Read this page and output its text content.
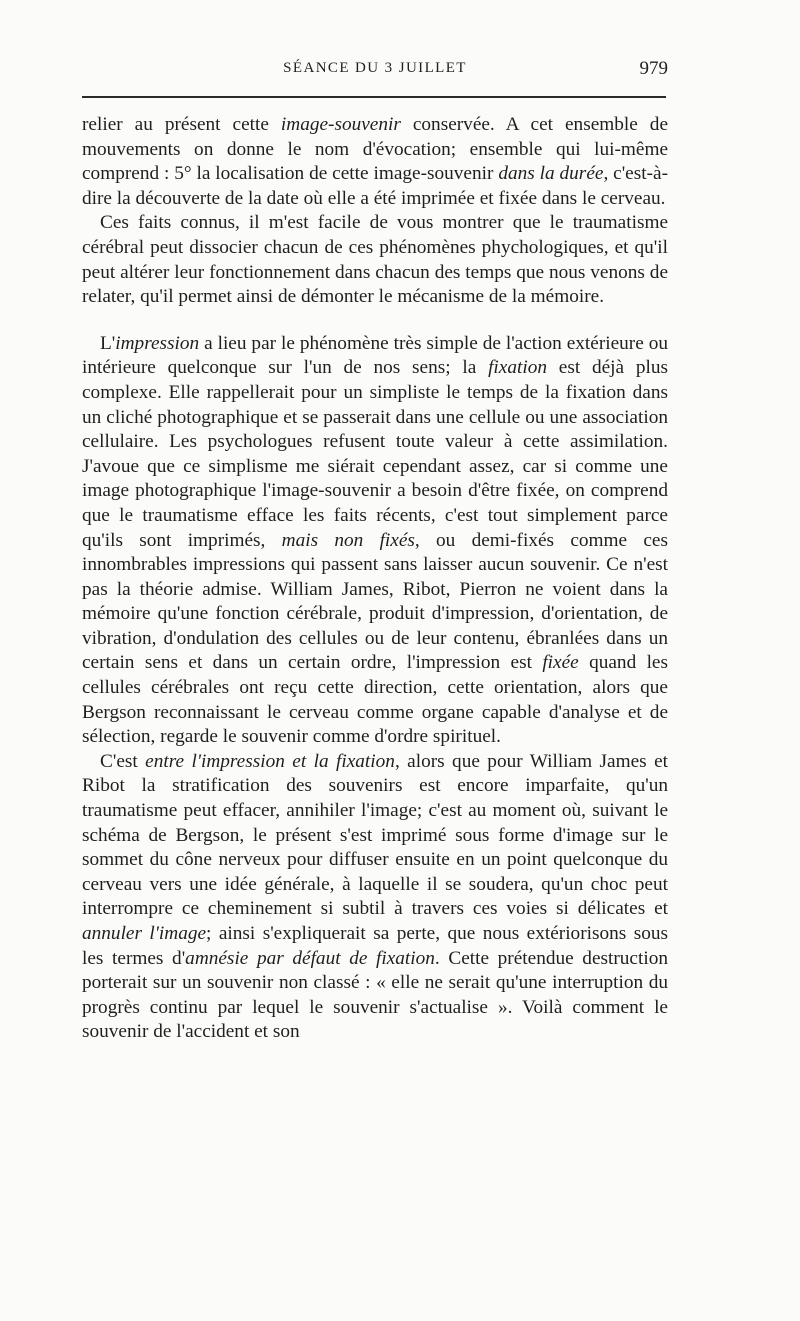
SÉANCE DU 3 JUILLET	979

relier au présent cette image-souvenir conservée. A cet ensemble de mouvements on donne le nom d'évocation; ensemble qui lui-même comprend : 5° la localisation de cette image-souvenir dans la durée, c'est-à-dire la découverte de la date où elle a été imprimée et fixée dans le cerveau.

Ces faits connus, il m'est facile de vous montrer que le traumatisme cérébral peut dissocier chacun de ces phénomènes phychologiques, et qu'il peut altérer leur fonctionnement dans chacun des temps que nous venons de relater, qu'il permet ainsi de démonter le mécanisme de la mémoire.

L'impression a lieu par le phénomène très simple de l'action extérieure ou intérieure quelconque sur l'un de nos sens; la fixation est déjà plus complexe. Elle rappellerait pour un simpliste le temps de la fixation dans un cliché photographique et se passerait dans une cellule ou une association cellulaire. Les psychologues refusent toute valeur à cette assimilation. J'avoue que ce simplisme me siérait cependant assez, car si comme une image photographique l'image-souvenir a besoin d'être fixée, on comprend que le traumatisme efface les faits récents, c'est tout simplement parce qu'ils sont imprimés, mais non fixés, ou demi-fixés comme ces innombrables impressions qui passent sans laisser aucun souvenir. Ce n'est pas la théorie admise. William James, Ribot, Pierron ne voient dans la mémoire qu'une fonction cérébrale, produit d'impression, d'orientation, de vibration, d'ondulation des cellules ou de leur contenu, ébranlées dans un certain sens et dans un certain ordre, l'impression est fixée quand les cellules cérébrales ont reçu cette direction, cette orientation, alors que Bergson reconnaissant le cerveau comme organe capable d'analyse et de sélection, regarde le souvenir comme d'ordre spirituel.

C'est entre l'impression et la fixation, alors que pour William James et Ribot la stratification des souvenirs est encore imparfaite, qu'un traumatisme peut effacer, annihiler l'image; c'est au moment où, suivant le schéma de Bergson, le présent s'est imprimé sous forme d'image sur le sommet du cône nerveux pour diffuser ensuite en un point quelconque du cerveau vers une idée générale, à laquelle il se soudera, qu'un choc peut interrompre ce cheminement si subtil à travers ces voies si délicates et annuler l'image; ainsi s'expliquerait sa perte, que nous extériorisons sous les termes d'amnésie par défaut de fixation. Cette prétendue destruction porterait sur un souvenir non classé : « elle ne serait qu'une interruption du progrès continu par lequel le souvenir s'actualise ». Voilà comment le souvenir de l'accident et son
